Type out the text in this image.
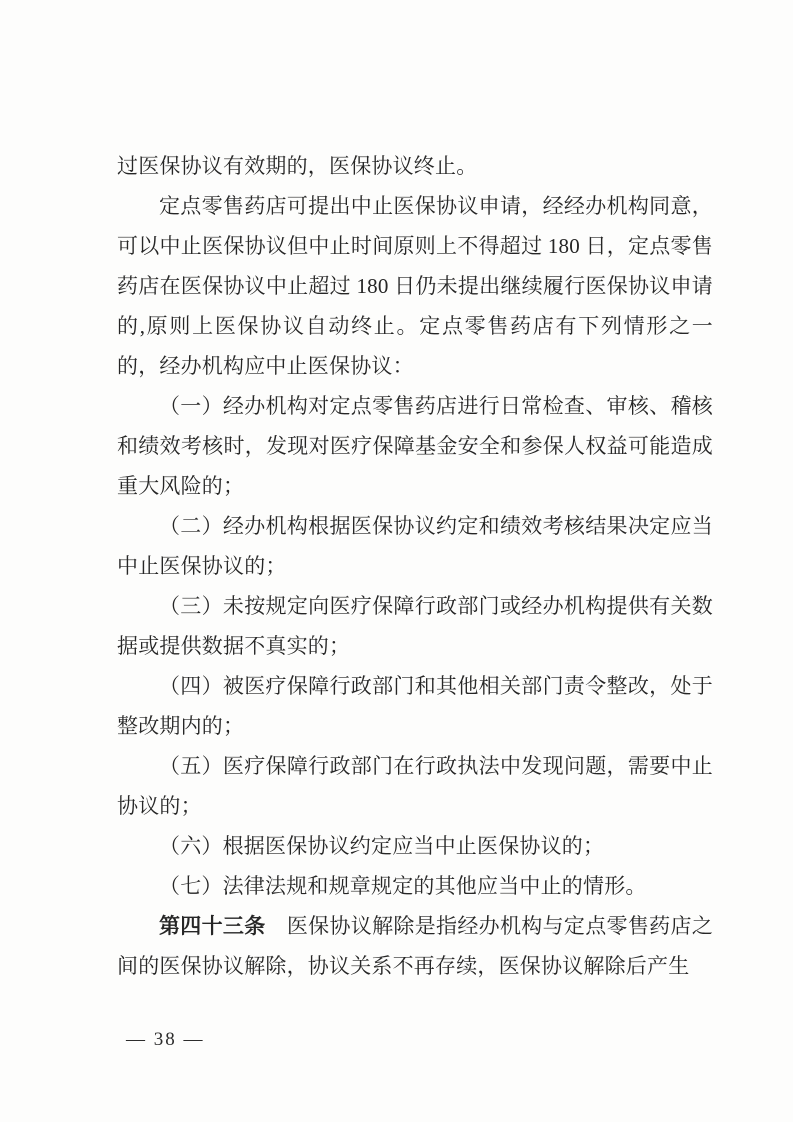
过医保协议有效期的，医保协议终止。

定点零售药店可提出中止医保协议申请，经经办机构同意，可以中止医保协议但中止时间原则上不得超过 180 日，定点零售药店在医保协议中止超过 180 日仍未提出继续履行医保协议申请的,原则上医保协议自动终止。定点零售药店有下列情形之一的，经办机构应中止医保协议：

（一）经办机构对定点零售药店进行日常检查、审核、稽核和绩效考核时，发现对医疗保障基金安全和参保人权益可能造成重大风险的；

（二）经办机构根据医保协议约定和绩效考核结果决定应当中止医保协议的；

（三）未按规定向医疗保障行政部门或经办机构提供有关数据或提供数据不真实的；

（四）被医疗保障行政部门和其他相关部门责令整改，处于整改期内的；

（五）医疗保障行政部门在行政执法中发现问题，需要中止协议的；

（六）根据医保协议约定应当中止医保协议的；

（七）法律法规和规章规定的其他应当中止的情形。

第四十三条　医保协议解除是指经办机构与定点零售药店之间的医保协议解除，协议关系不再存续，医保协议解除后产生

— 38 —
